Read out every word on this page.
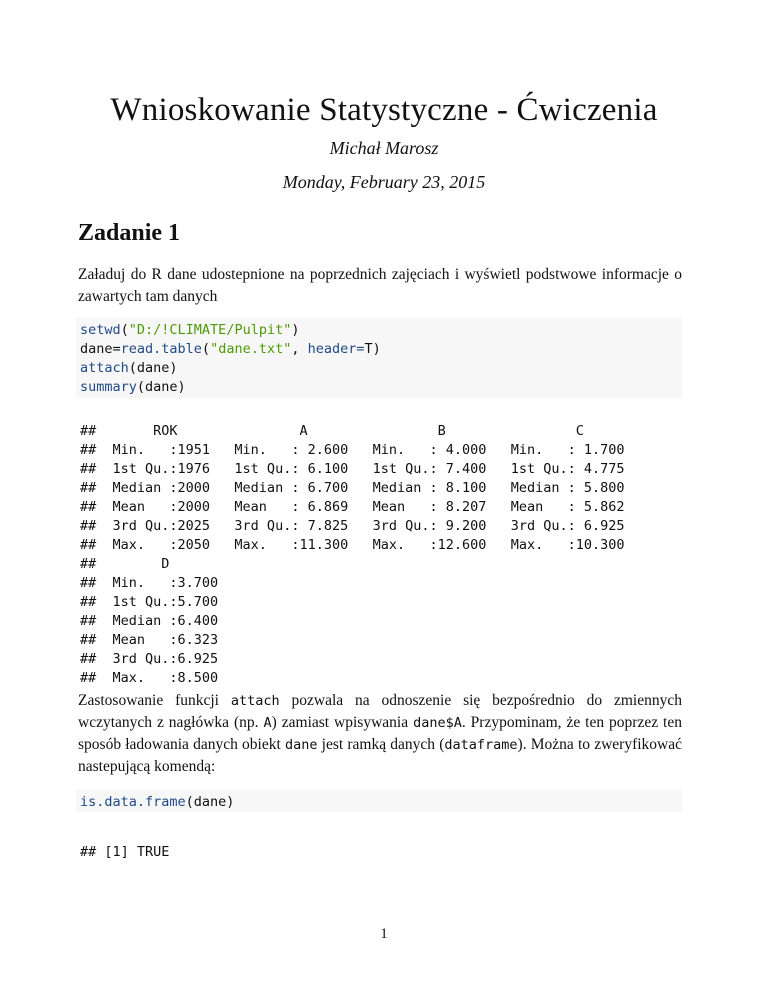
Wnioskowanie Statystyczne - Ćwiczenia
Michał Marosz
Monday, February 23, 2015
Zadanie 1

Załaduj do R dane udostepnione na poprzednich zajęciach i wyświetl podstwowe informacje o zawartych tam danych

setwd("D:/!CLIMATE/Pulpit")
dane=read.table("dane.txt", header=T)
attach(dane)
summary(dane)
##       ROK               A                B                C
##  Min.   :1951   Min.   : 2.600   Min.   : 4.000   Min.   : 1.700
##  1st Qu.:1976   1st Qu.: 6.100   1st Qu.: 7.400   1st Qu.: 4.775
##  Median :2000   Median : 6.700   Median : 8.100   Median : 5.800
##  Mean   :2000   Mean   : 6.869   Mean   : 8.207   Mean   : 5.862
##  3rd Qu.:2025   3rd Qu.: 7.825   3rd Qu.: 9.200   3rd Qu.: 6.925
##  Max.   :2050   Max.   :11.300   Max.   :12.600   Max.   :10.300
##        D
##  Min.   :3.700
##  1st Qu.:5.700
##  Median :6.400
##  Mean   :6.323
##  3rd Qu.:6.925
##  Max.   :8.500

Zastosowanie funkcji attach pozwala na odnoszenie się bezpośrednio do zmiennych wczytanych z nagłówka (np. A) zamiast wpisywania dane$A. Przypominam, że ten poprzez ten sposób ładowania danych obiekt dane jest ramką danych (dataframe). Można to zweryfikować nastepującą komendą:

is.data.frame(dane)
## [1] TRUE
1
